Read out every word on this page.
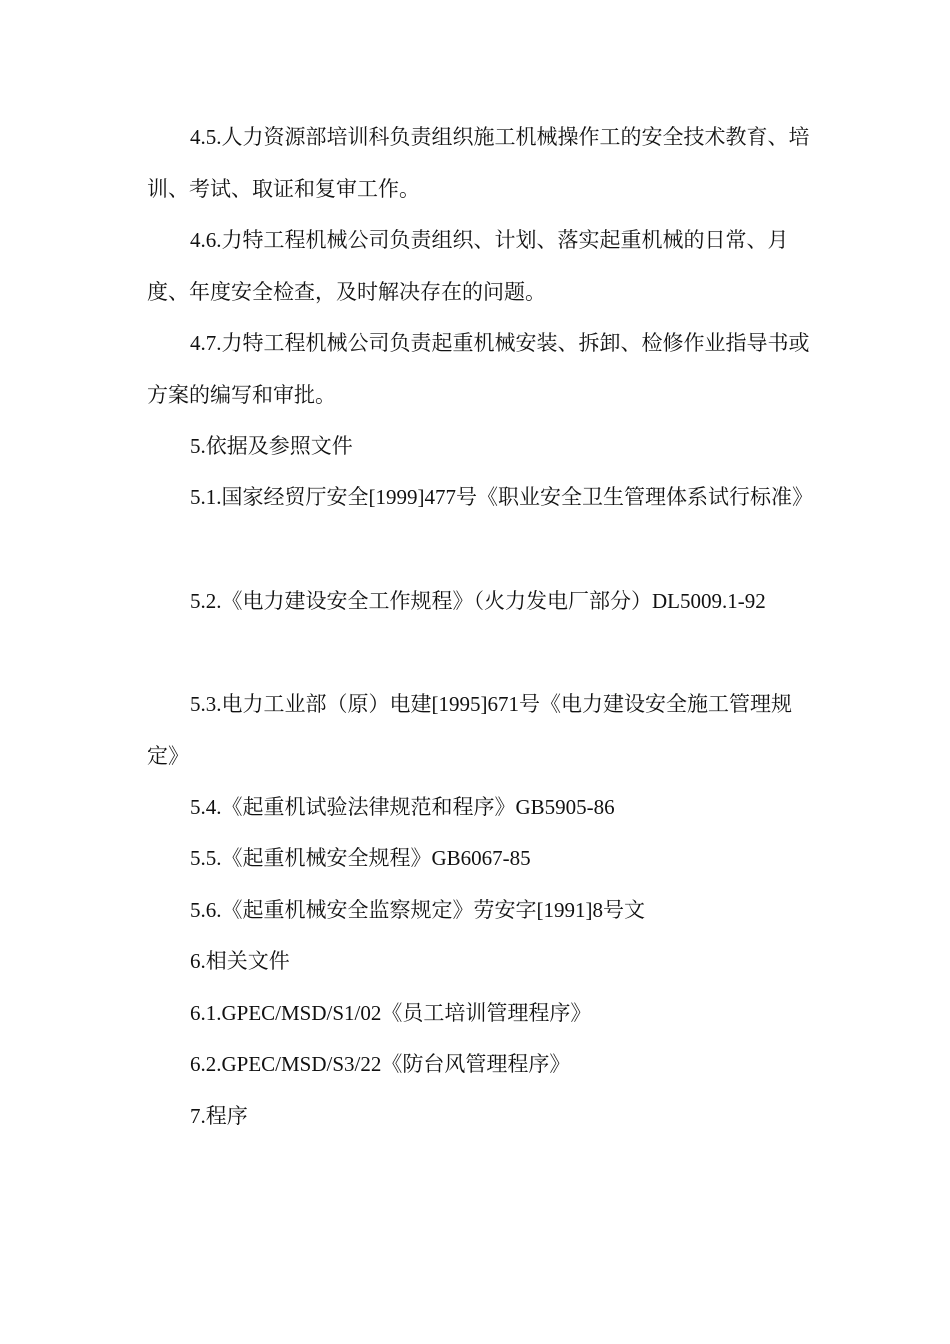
4.5.人力资源部培训科负责组织施工机械操作工的安全技术教育、培训、考试、取证和复审工作。

4.6.力特工程机械公司负责组织、计划、落实起重机械的日常、月度、年度安全检查，及时解决存在的问题。

4.7.力特工程机械公司负责起重机械安装、拆卸、检修作业指导书或方案的编写和审批。

5.依据及参照文件

5.1.国家经贸厅安全[1999]477号《职业安全卫生管理体系试行标准》

5.2.《电力建设安全工作规程》（火力发电厂部分）DL5009.1-92

5.3.电力工业部（原）电建[1995]671号《电力建设安全施工管理规定》

5.4.《起重机试验法律规范和程序》GB5905-86

5.5.《起重机械安全规程》GB6067-85

5.6.《起重机械安全监察规定》劳安字[1991]8号文

6.相关文件

6.1.GPEC/MSD/S1/02《员工培训管理程序》

6.2.GPEC/MSD/S3/22《防台风管理程序》

7.程序
